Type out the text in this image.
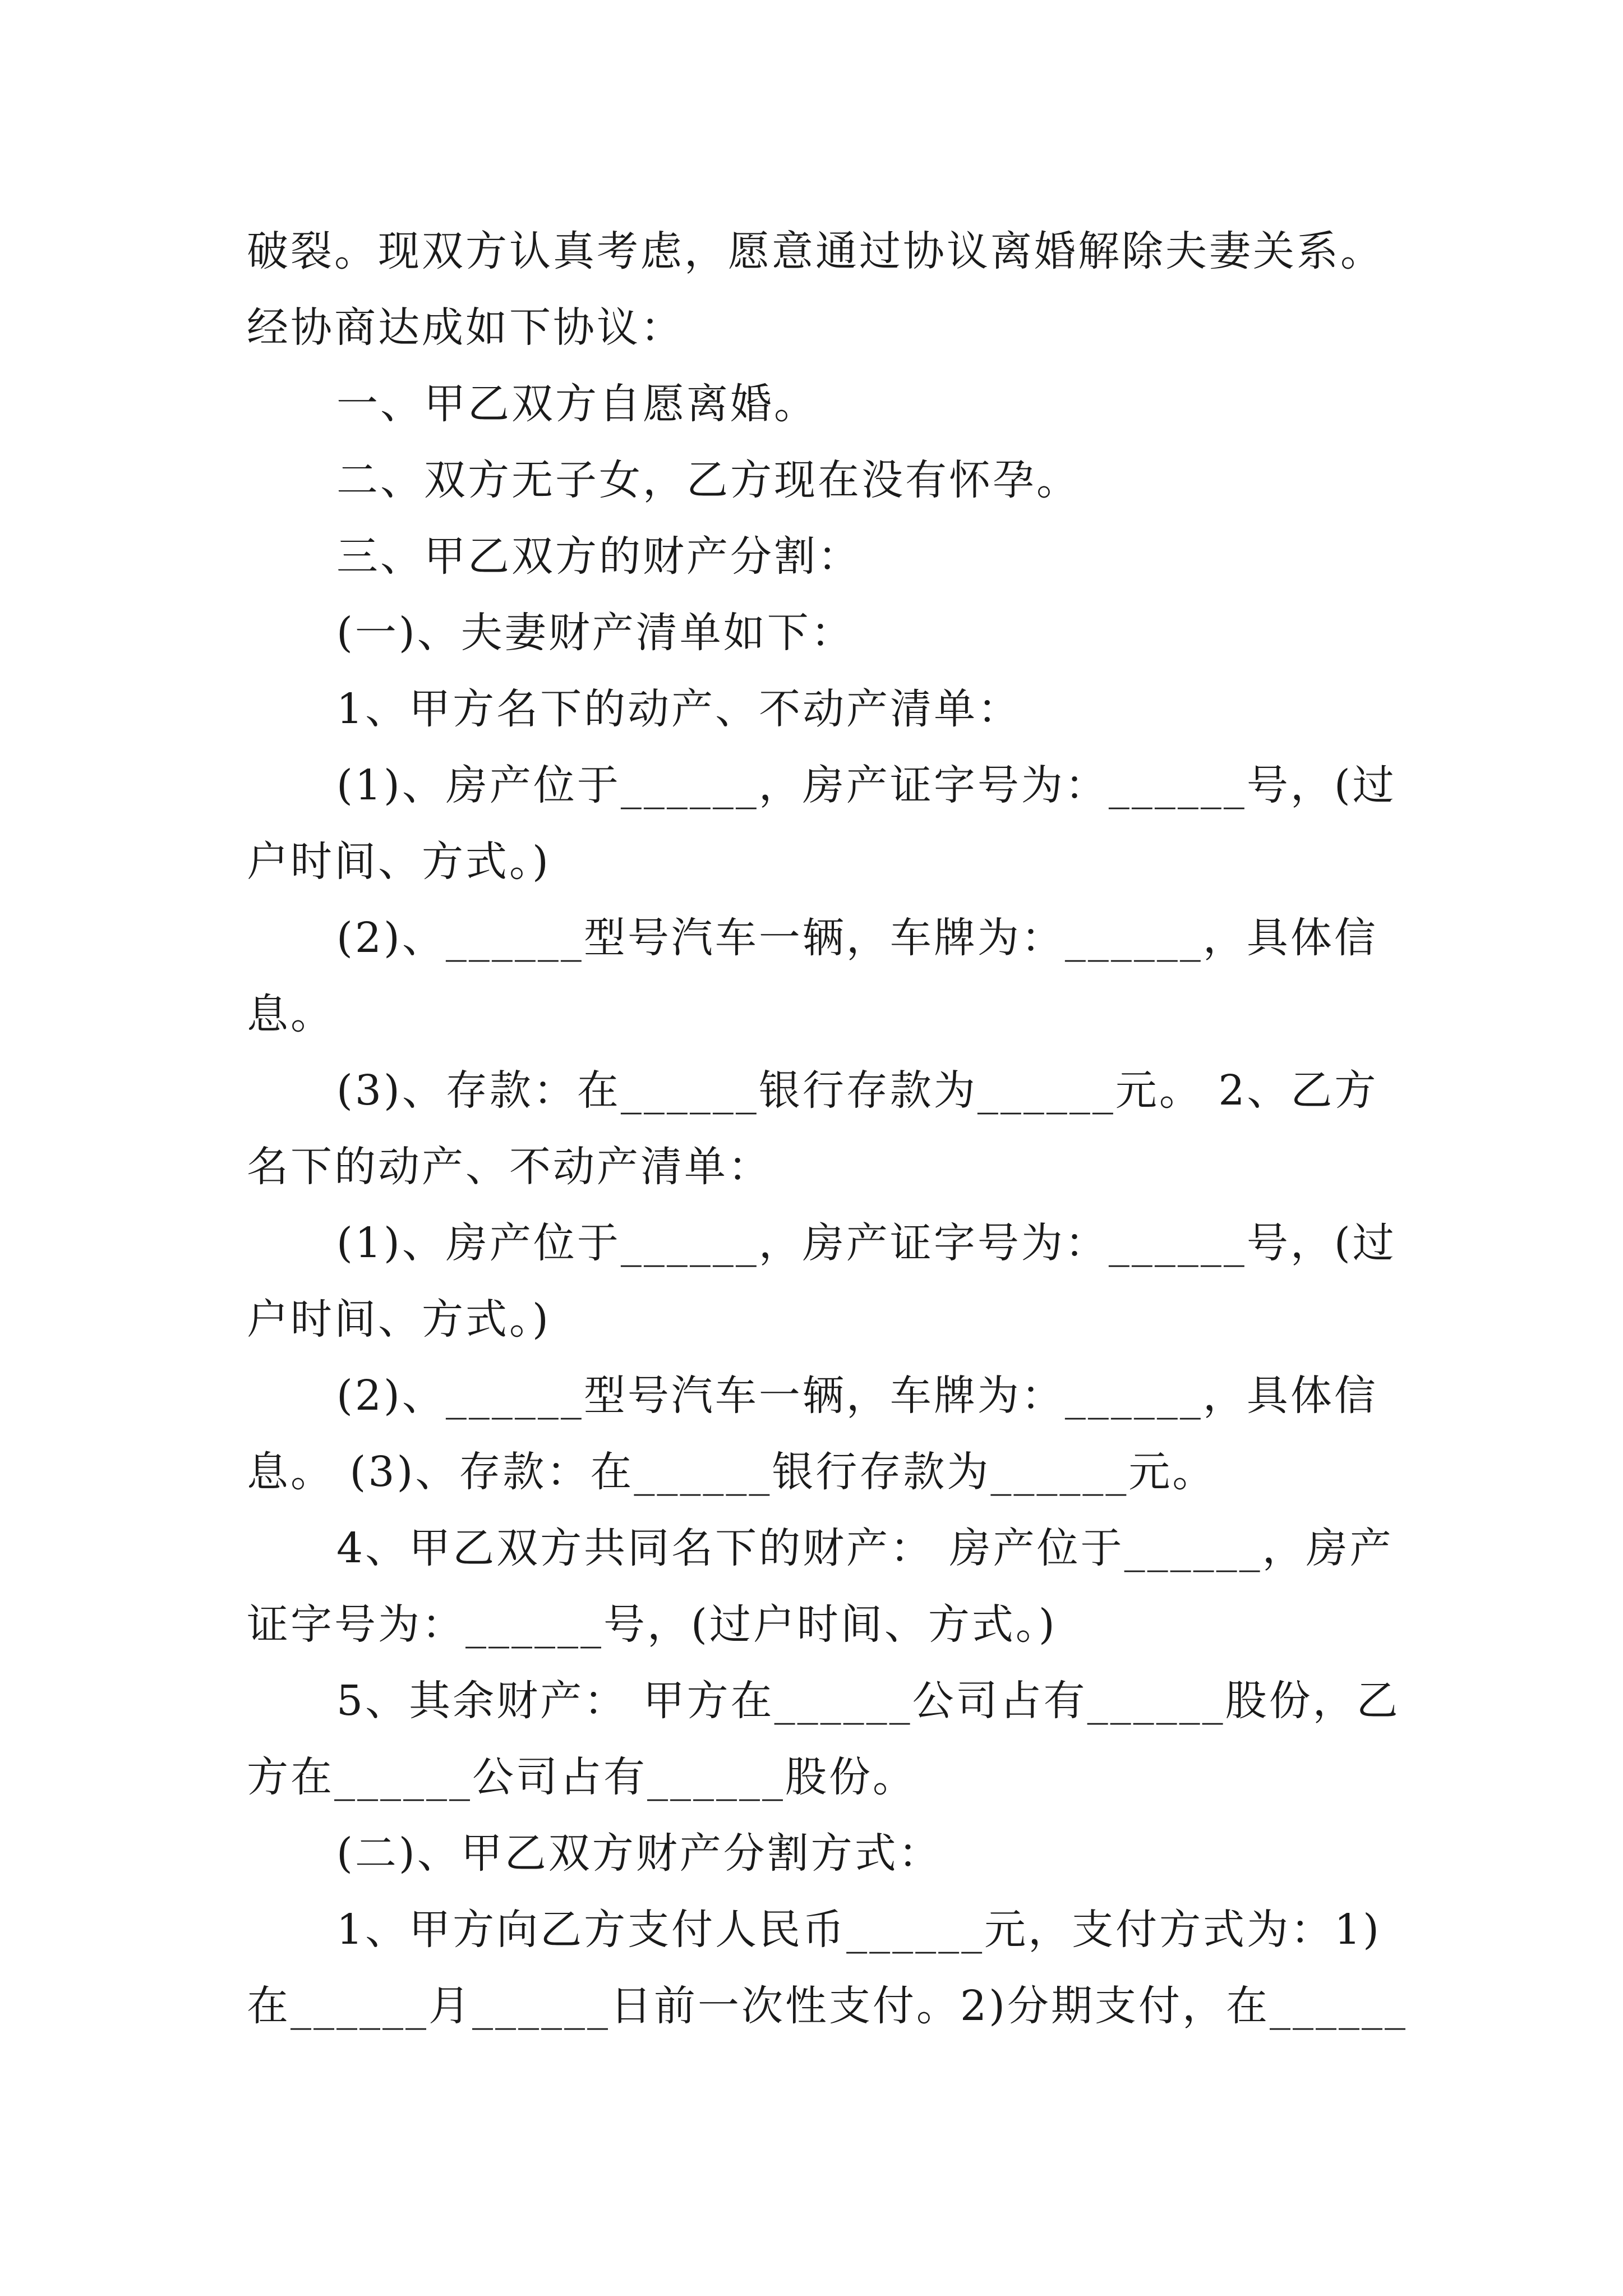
破裂。现双方认真考虑，愿意通过协议离婚解除夫妻关系。
经协商达成如下协议：
一、甲乙双方自愿离婚。
二、双方无子女，乙方现在没有怀孕。
三、甲乙双方的财产分割：
(一)、夫妻财产清单如下：
1、甲方名下的动产、不动产清单：
(1)、房产位于______，房产证字号为：______号，(过
户时间、方式。)
(2)、______型号汽车一辆，车牌为：______，具体信
息。
(3)、存款：在______银行存款为______元。 2、乙方
名下的动产、不动产清单：
(1)、房产位于______，房产证字号为：______号，(过
户时间、方式。)
(2)、______型号汽车一辆，车牌为：______，具体信
息。 (3)、存款：在______银行存款为______元。
4、甲乙双方共同名下的财产： 房产位于______，房产
证字号为：______号，(过户时间、方式。)
5、其余财产： 甲方在______公司占有______股份，乙
方在______公司占有______股份。
(二)、甲乙双方财产分割方式：
1、甲方向乙方支付人民币______元，支付方式为：1)
在______月______日前一次性支付。2)分期支付，在______
